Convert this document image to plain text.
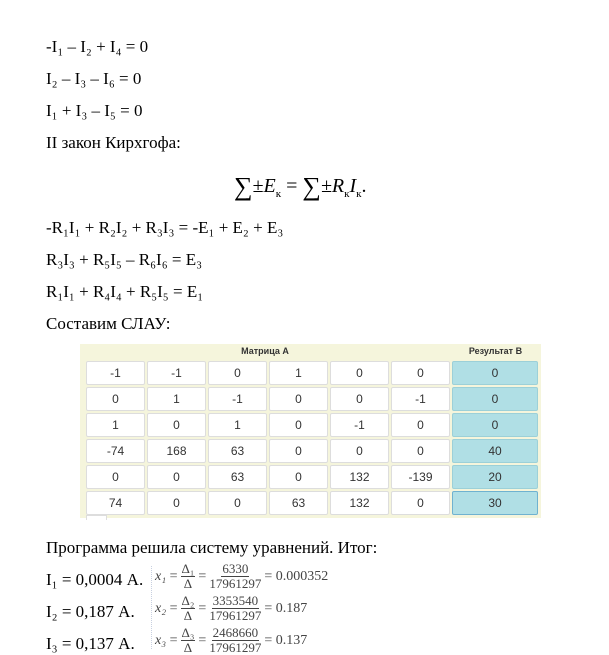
-I₁ – I₂ + I₄ = 0
I₂ – I₃ – I₆ = 0
I₁ + I₃ – I₅ = 0
II закон Кирхгофа:
$\sum\pm E_к = \sum\pm R_кI_к$.
-R₁I₁ + R₂I₂ + R₃I₃ = -E₁ + E₂ + E₃
R₃I₃ + R₅I₅ – R₆I₆ = E₃
R₁I₁ + R₄I₄ + R₅I₅ = E₁
Составим СЛАУ:
Матрица А	Результат В
-1	-1	0	1	0	0	0
0	1	-1	0	0	-1	0
1	0	1	0	-1	0	0
-74	168	63	0	0	0	40
0	0	63	0	132	-139	20
74	0	0	63	132	0	30
Программа решила систему уравнений. Итог:
I₁ = 0,0004 А. $x_1 = \frac{\text{Δ₁}}{\Delta} = \frac{6330}{17961297} = 0.000352$
I₂ = 0,187 А. $x_2 = \frac{\text{Δ₂}}{\Delta} = \frac{3353540}{17961297} = 0.187$
I₃ = 0,137 А. $x_3 = \frac{\text{Δ₃}}{\Delta} = \frac{2468660}{17961297} = 0.137$
